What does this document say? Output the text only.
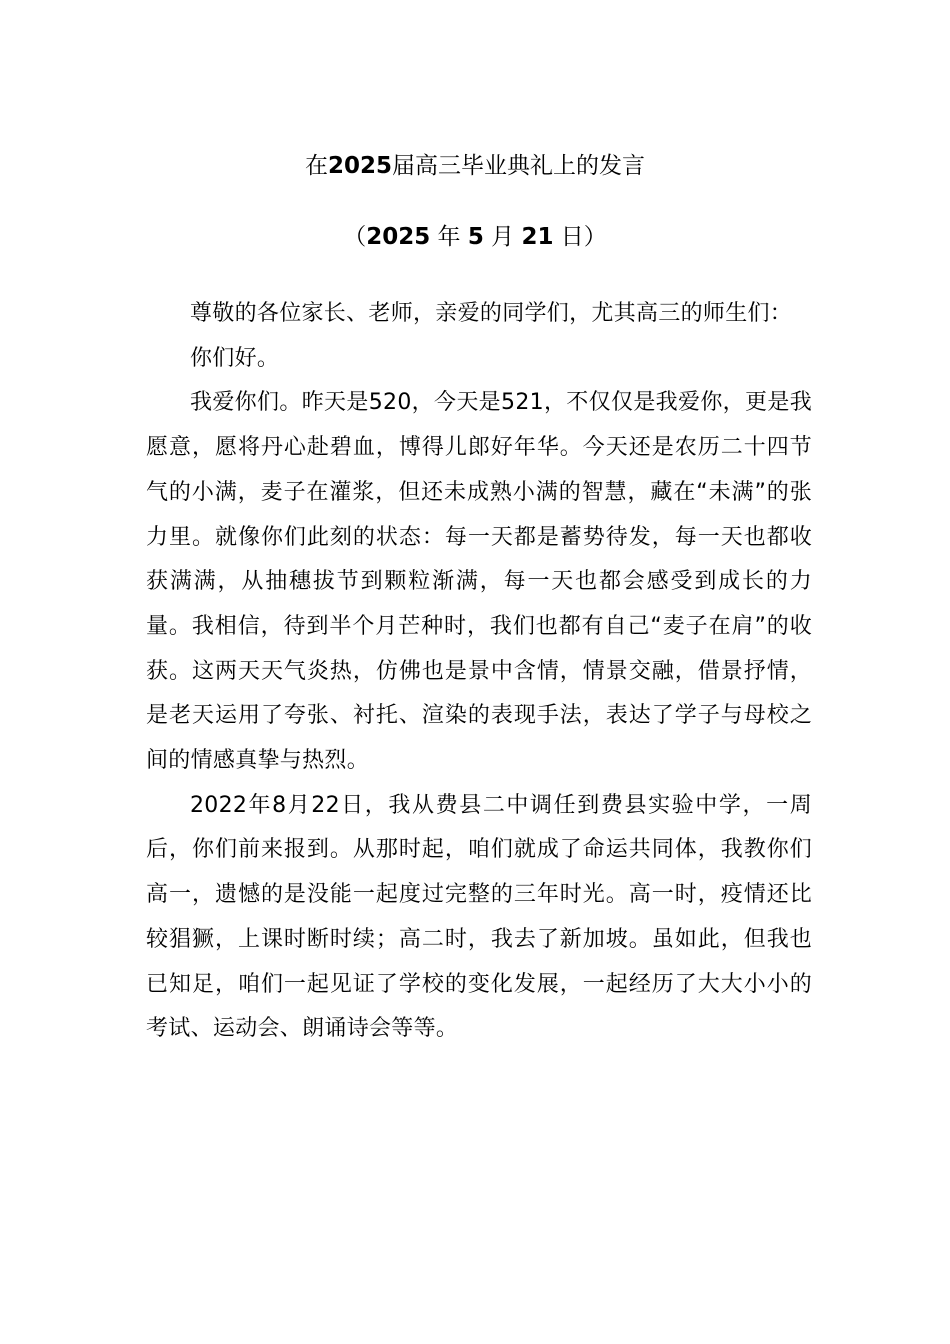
在2025届高三毕业典礼上的发言
（2025 年 5 月 21 日）

尊敬的各位家长、老师，亲爱的同学们，尤其高三的师生们：

你们好。

我爱你们。昨天是520，今天是521，不仅仅是我爱你，更是我愿意，愿将丹心赴碧血，博得儿郎好年华。今天还是农历二十四节气的小满，麦子在灌浆，但还未成熟小满的智慧，藏在“未满”的张力里。就像你们此刻的状态：每一天都是蓄势待发，每一天也都收获满满，从抽穗拔节到颗粒渐满，每一天也都会感受到成长的力量。我相信，待到半个月芒种时，我们也都有自己“麦子在肩”的收获。这两天天气炎热，仿佛也是景中含情，情景交融，借景抒情，是老天运用了夸张、衬托、渲染的表现手法，表达了学子与母校之间的情感真挚与热烈。

2022年8月22日，我从费县二中调任到费县实验中学，一周后，你们前来报到。从那时起，咱们就成了命运共同体，我教你们高一，遗憾的是没能一起度过完整的三年时光。高一时，疫情还比较猖獗，上课时断时续；高二时，我去了新加坡。虽如此，但我也已知足，咱们一起见证了学校的变化发展，一起经历了大大小小的考试、运动会、朗诵诗会等等。
